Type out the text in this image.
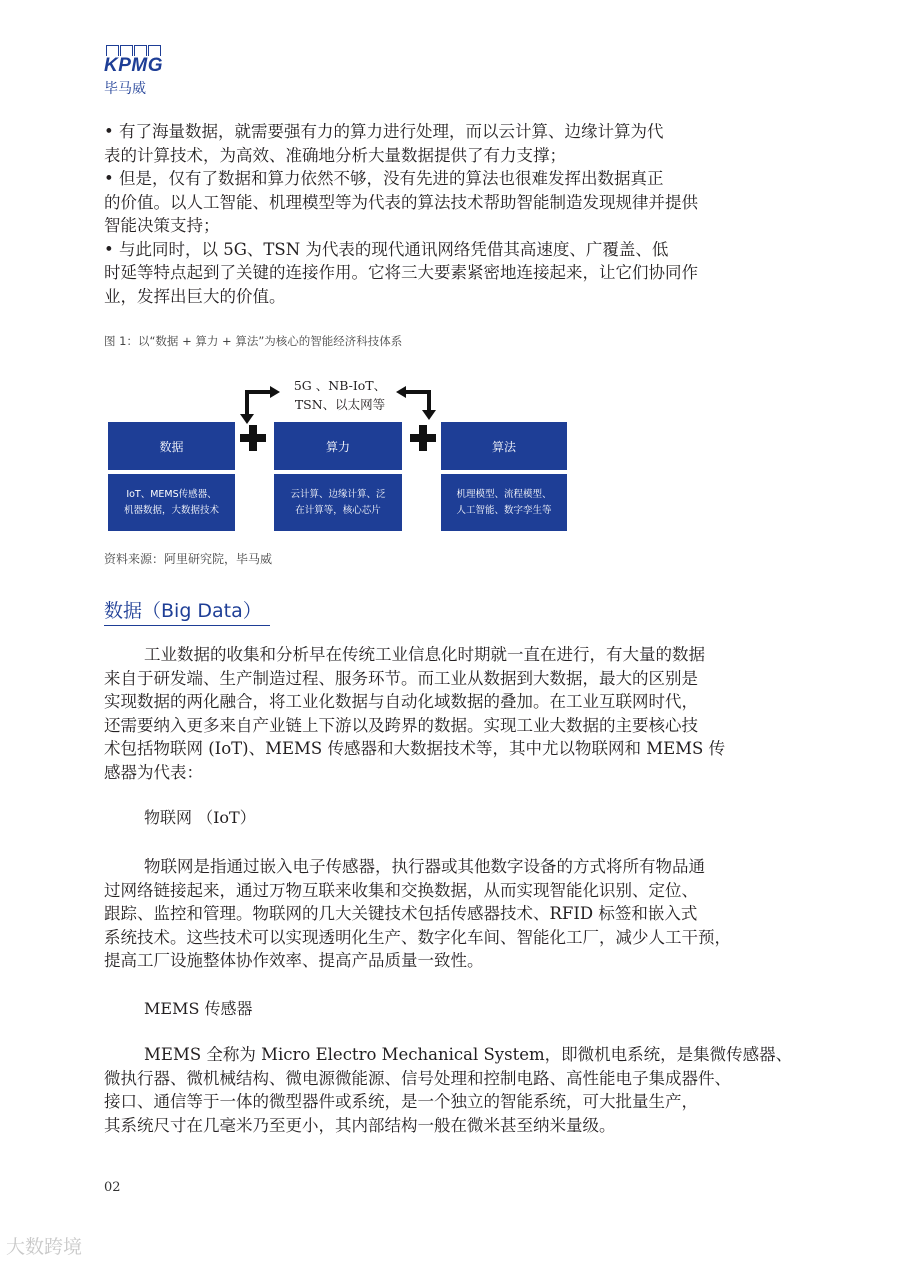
KPMG
毕马威
• 有了海量数据，就需要强有力的算力进行处理，而以云计算、边缘计算为代
表的计算技术，为高效、准确地分析大量数据提供了有力支撑；
• 但是，仅有了数据和算力依然不够，没有先进的算法也很难发挥出数据真正
的价值。以人工智能、机理模型等为代表的算法技术帮助智能制造发现规律并提供
智能决策支持；
• 与此同时，以 5G、TSN 为代表的现代通讯网络凭借其高速度、广覆盖、低
时延等特点起到了关键的连接作用。它将三大要素紧密地连接起来，让它们协同作
业，发挥出巨大的价值。
图 1：以“数据 + 算力 + 算法”为核心的智能经济科技体系
5G 、NB-IoT、
TSN、以太网等
数据	算力	算法
IoT、MEMS传感器、
机器数据，大数据技术
云计算、边缘计算、泛
在计算等，核心芯片
机理模型、流程模型、
人工智能、数字孪生等
资料来源：阿里研究院，毕马威
数据（Big Data）
工业数据的收集和分析早在传统工业信息化时期就一直在进行，有大量的数据
来自于研发端、生产制造过程、服务环节。而工业从数据到大数据，最大的区别是
实现数据的两化融合，将工业化数据与自动化域数据的叠加。在工业互联网时代，
还需要纳入更多来自产业链上下游以及跨界的数据。实现工业大数据的主要核心技
术包括物联网 (IoT)、MEMS 传感器和大数据技术等，其中尤以物联网和 MEMS 传
感器为代表：
物联网 （IoT）
物联网是指通过嵌入电子传感器，执行器或其他数字设备的方式将所有物品通
过网络链接起来，通过万物互联来收集和交换数据，从而实现智能化识别、定位、
跟踪、监控和管理。物联网的几大关键技术包括传感器技术、RFID 标签和嵌入式
系统技术。这些技术可以实现透明化生产、数字化车间、智能化工厂，减少人工干预，
提高工厂设施整体协作效率、提高产品质量一致性。
MEMS 传感器
MEMS 全称为 Micro Electro Mechanical System，即微机电系统，是集微传感器、
微执行器、微机械结构、微电源微能源、信号处理和控制电路、高性能电子集成器件、
接口、通信等于一体的微型器件或系统，是一个独立的智能系统，可大批量生产，
其系统尺寸在几毫米乃至更小，其内部结构一般在微米甚至纳米量级。
02
大数跨境
